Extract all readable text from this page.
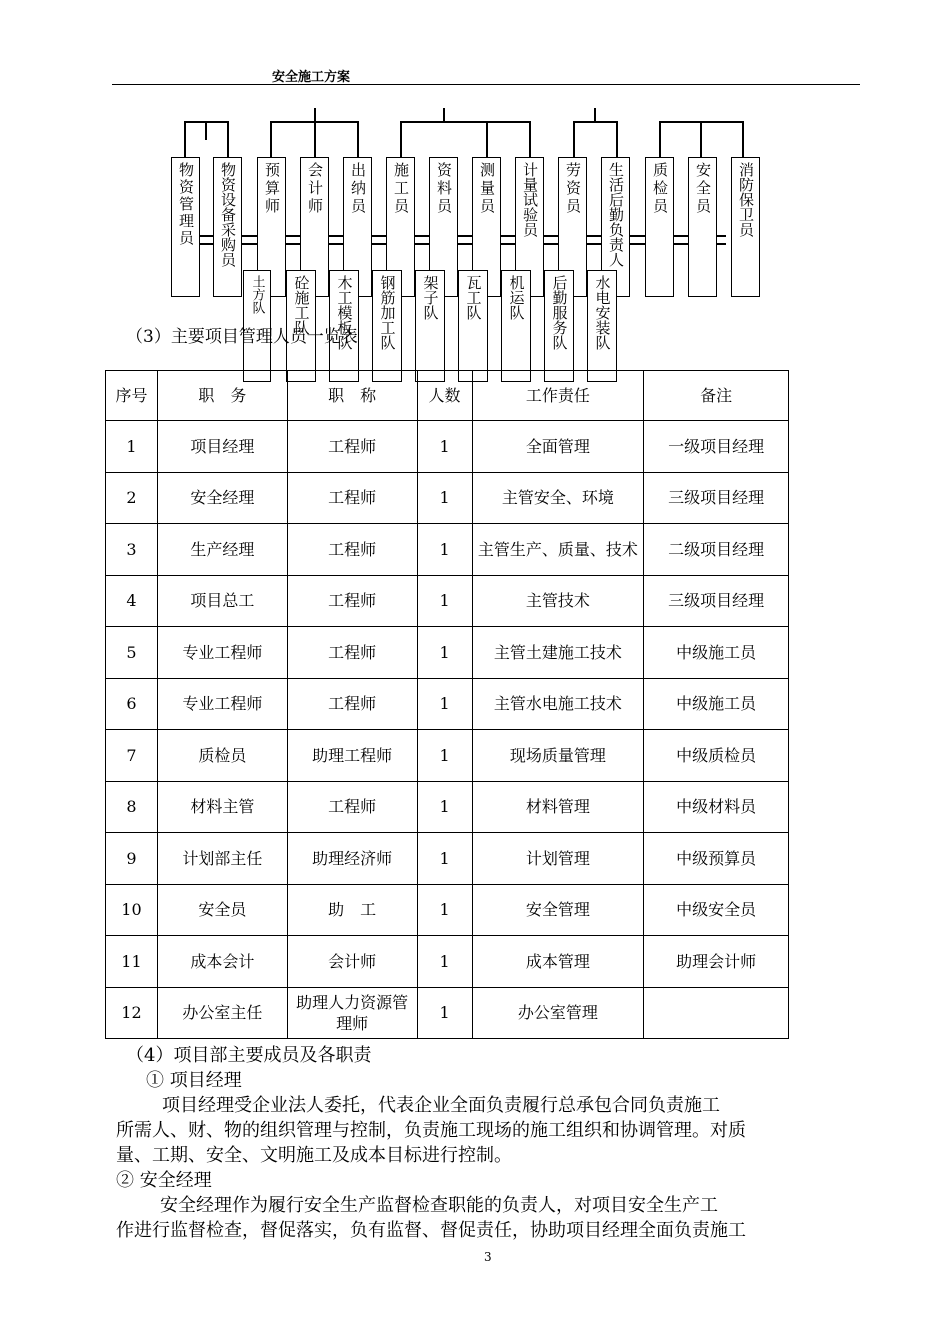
安全施工方案
物资管理员 物资设备采购员 预算师 会计师 出纳员 施工员 资料员 测量员 计量试验员 劳资员 生活后勤负责人 质检员 安全员 消防保卫员
土方队 砼施工队 木工模板队 钢筋加工队 架子队 瓦工队 机运队 后勤服务队 水电安装队
（3）主要项目管理人员一览表
序号	职　务	职　称	人数	工作责任	备注
1	项目经理	工程师	1	全面管理	一级项目经理
2	安全经理	工程师	1	主管安全、环境	三级项目经理
3	生产经理	工程师	1	主管生产、质量、技术	二级项目经理
4	项目总工	工程师	1	主管技术	三级项目经理
5	专业工程师	工程师	1	主管土建施工技术	中级施工员
6	专业工程师	工程师	1	主管水电施工技术	中级施工员
7	质检员	助理工程师	1	现场质量管理	中级质检员
8	材料主管	工程师	1	材料管理	中级材料员
9	计划部主任	助理经济师	1	计划管理	中级预算员
10	安全员	助　工	1	安全管理	中级安全员
11	成本会计	会计师	1	成本管理	助理会计师
12	办公室主任	助理人力资源管理师	1	办公室管理	
（4）项目部主要成员及各职责
① 项目经理
项目经理受企业法人委托，代表企业全面负责履行总承包合同负责施工
所需人、财、物的组织管理与控制，负责施工现场的施工组织和协调管理。对质
量、工期、安全、文明施工及成本目标进行控制。
② 安全经理
安全经理作为履行安全生产监督检查职能的负责人，对项目安全生产工
作进行监督检查，督促落实，负有监督、督促责任，协助项目经理全面负责施工
3
